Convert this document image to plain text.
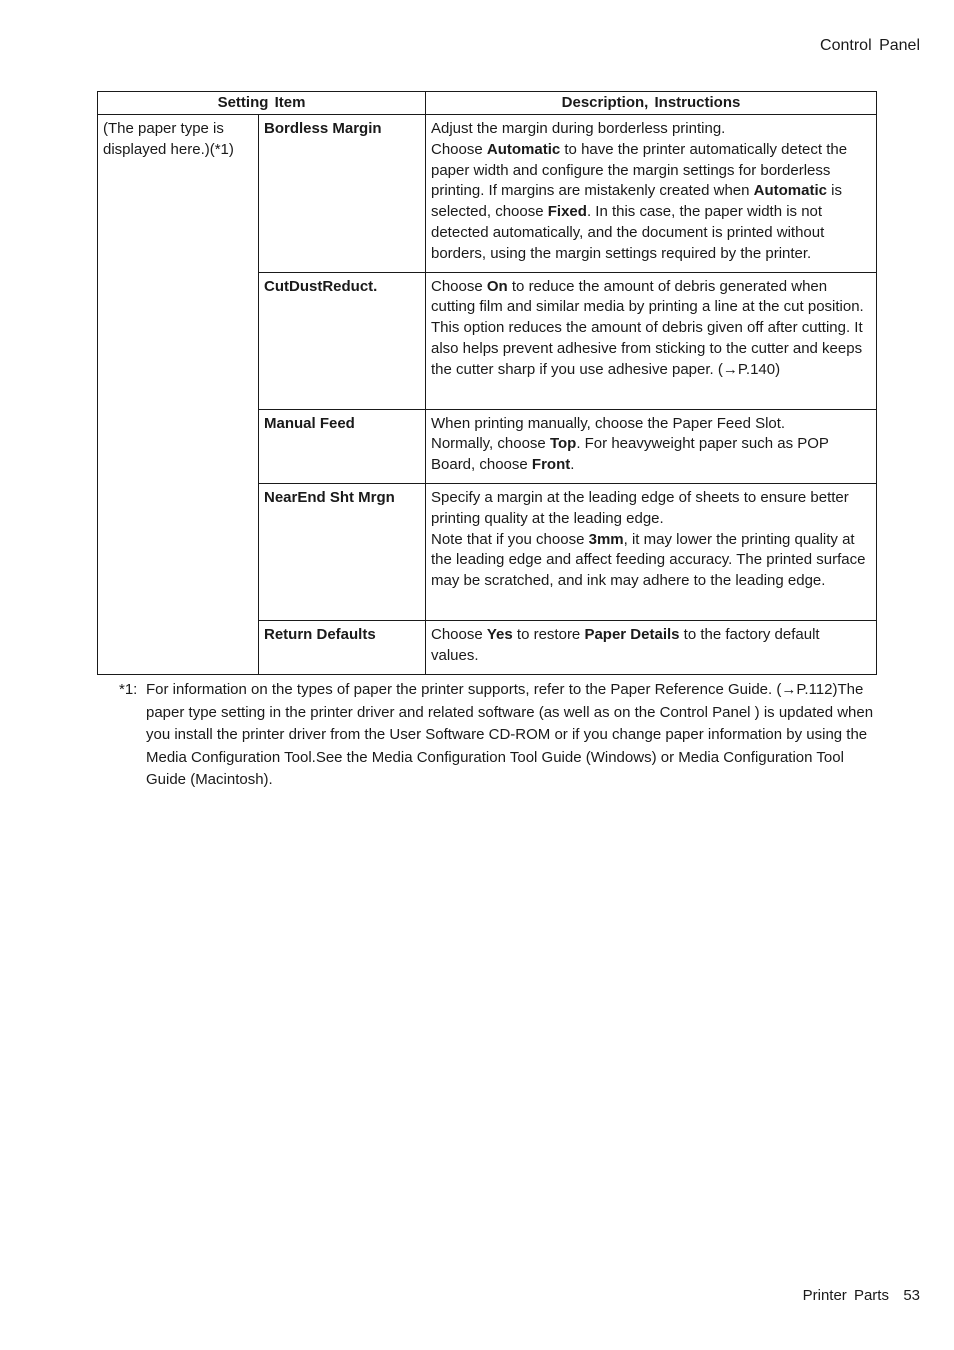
Control Panel
Setting Item		Description, Instructions
(The paper type is displayed here.)(*1)	Bordless Margin	Adjust the margin during borderless printing.
Choose Automatic to have the printer automatically detect the paper width and configure the margin settings for borderless printing. If margins are mistakenly created when Automatic is selected, choose Fixed. In this case, the paper width is not detected automatically, and the document is printed without borders, using the margin settings required by the printer.
	CutDustReduct.	Choose On to reduce the amount of debris generated when cutting film and similar media by printing a line at the cut position. This option reduces the amount of debris given off after cutting. It also helps prevent adhesive from sticking to the cutter and keeps the cutter sharp if you use adhesive paper. (→P.140)
	Manual Feed	When printing manually, choose the Paper Feed Slot.
Normally, choose Top. For heavyweight paper such as POP Board, choose Front.
	NearEnd Sht Mrgn	Specify a margin at the leading edge of sheets to ensure better printing quality at the leading edge.
Note that if you choose 3mm, it may lower the printing quality at the leading edge and affect feeding accuracy. The printed surface may be scratched, and ink may adhere to the leading edge.
	Return Defaults	Choose Yes to restore Paper Details to the factory default values.
*1: For information on the types of paper the printer supports, refer to the Paper Reference Guide. (→P.112)The paper type setting in the printer driver and related software (as well as on the Control Panel ) is updated when you install the printer driver from the User Software CD-ROM or if you change paper information by using the Media Configuration Tool.See the Media Configuration Tool Guide (Windows) or Media Configuration Tool Guide (Macintosh).
Printer Parts 53
